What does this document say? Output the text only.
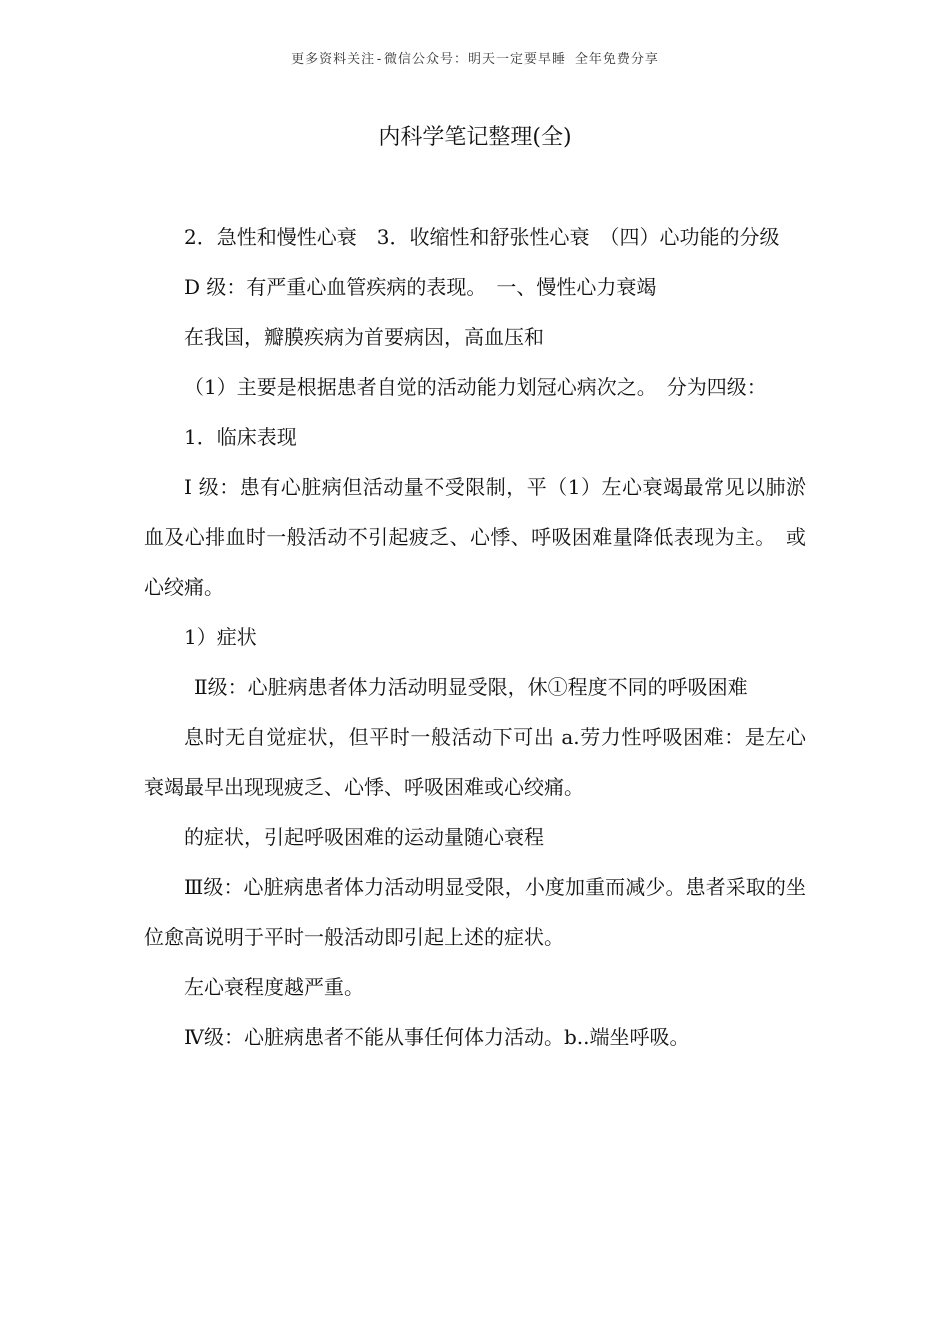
更多资料关注-微信公众号：明天一定要早睡 全年免费分享
内科学笔记整理(全)

2．急性和慢性心衰　3．收缩性和舒张性心衰　（四）心功能的分级

D 级：有严重心血管疾病的表现。　一、慢性心力衰竭

在我国，瓣膜疾病为首要病因，高血压和

（1）主要是根据患者自觉的活动能力划冠心病次之。　分为四级：

1．临床表现

I 级：患有心脏病但活动量不受限制，平（1）左心衰竭最常见以肺淤血及心排血时一般活动不引起疲乏、心悸、呼吸困难量降低表现为主。　或心绞痛。

1）症状

Ⅱ级：心脏病患者体力活动明显受限，休①程度不同的呼吸困难

息时无自觉症状，但平时一般活动下可出 a.劳力性呼吸困难：是左心衰竭最早出现现疲乏、心悸、呼吸困难或心绞痛。

的症状，引起呼吸困难的运动量随心衰程

Ⅲ级：心脏病患者体力活动明显受限，小度加重而减少。患者采取的坐位愈高说明于平时一般活动即引起上述的症状。

左心衰程度越严重。

Ⅳ级：心脏病患者不能从事任何体力活动。b..端坐呼吸。
